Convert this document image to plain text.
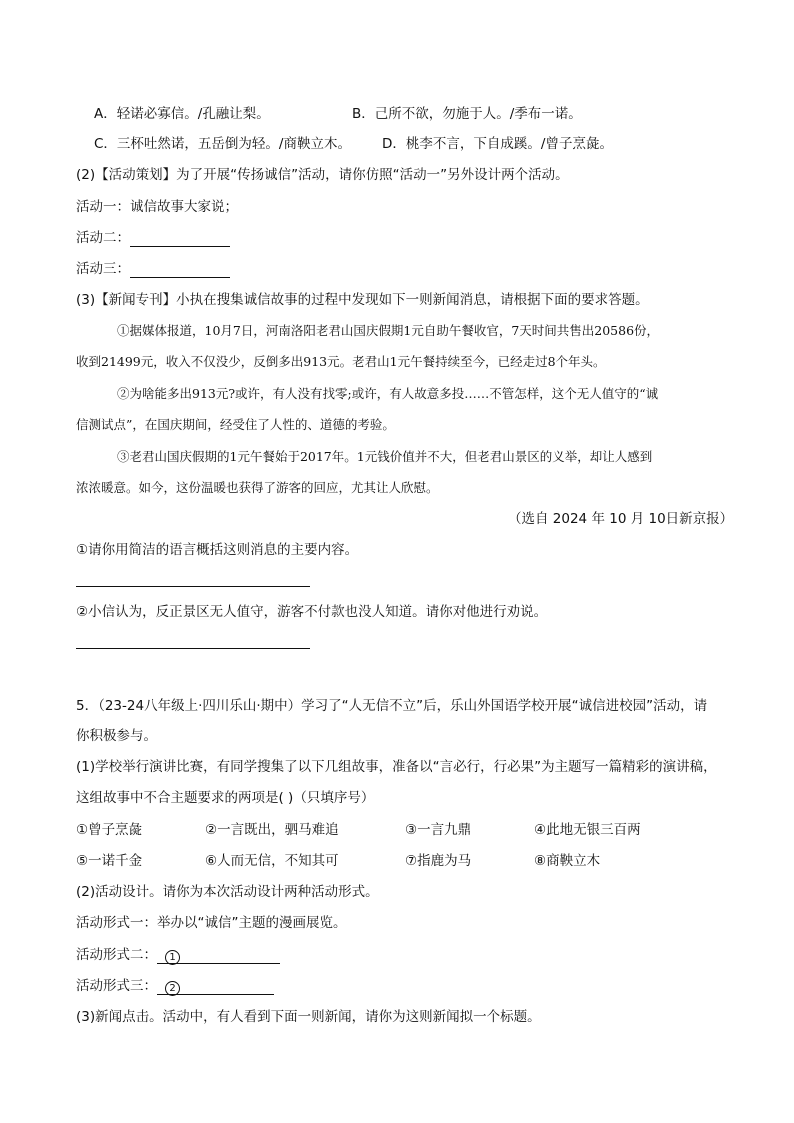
A．轻诺必寡信。/孔融让梨。	B．己所不欲，勿施于人。/季布一诺。
C．三杯吐然诺，五岳倒为轻。/商鞅立木。 D．桃李不言，下自成蹊。/曾子烹彘。
(2)【活动策划】为了开展“传扬诚信”活动，请你仿照“活动一”另外设计两个活动。
活动一：诚信故事大家说；
活动二：
活动三：
(3)【新闻专刊】小执在搜集诚信故事的过程中发现如下一则新闻消息，请根据下面的要求答题。
①据媒体报道，10月7日，河南洛阳老君山国庆假期1元自助午餐收官，7天时间共售出20586份，
收到21499元，收入不仅没少，反倒多出913元。老君山1元午餐持续至今，已经走过8个年头。
②为啥能多出913元?或许，有人没有找零;或许，有人故意多投……不管怎样，这个无人值守的“诚
信测试点”，在国庆期间，经受住了人性的、道德的考验。
③老君山国庆假期的1元午餐始于2017年。1元钱价值并不大，但老君山景区的义举，却让人感到
浓浓暖意。如今，这份温暖也获得了游客的回应，尤其让人欣慰。
（选自 2024 年 10 月 10日新京报）
①请你用简洁的语言概括这则消息的主要内容。
②小信认为，反正景区无人值守，游客不付款也没人知道。请你对他进行劝说。
5．（23-24八年级上·四川乐山·期中）学习了“人无信不立”后，乐山外国语学校开展“诚信进校园”活动，请
你积极参与。
(1)学校举行演讲比赛，有同学搜集了以下几组故事，准备以“言必行，行必果”为主题写一篇精彩的演讲稿，
这组故事中不合主题要求的两项是( )（只填序号）
①曾子烹彘	②一言既出，驷马难追	③一言九鼎	④此地无银三百两
⑤一诺千金	⑥人而无信，不知其可	⑦指鹿为马	⑧商鞅立木
(2)活动设计。请你为本次活动设计两种活动形式。
活动形式一：举办以“诚信”主题的漫画展览。
活动形式二： 1
活动形式三： 2
(3)新闻点击。活动中，有人看到下面一则新闻，请你为这则新闻拟一个标题。
